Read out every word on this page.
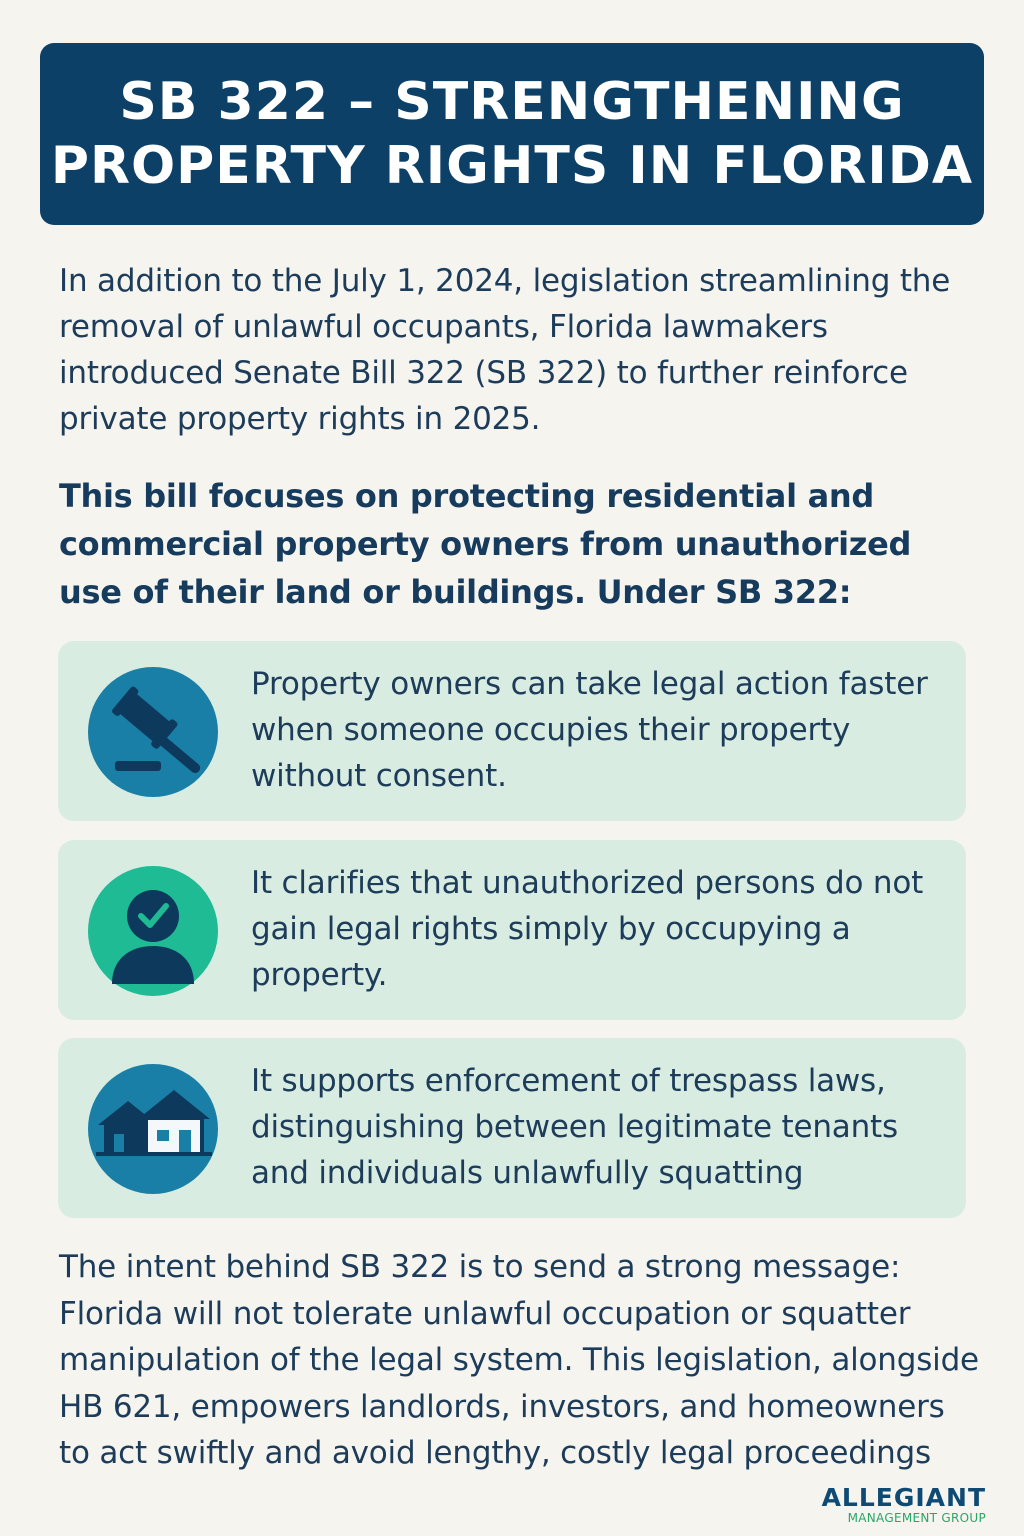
SB 322 – STRENGTHENING
PROPERTY RIGHTS IN FLORIDA

In addition to the July 1, 2024, legislation streamlining the removal of unlawful occupants, Florida lawmakers introduced Senate Bill 322 (SB 322) to further reinforce private property rights in 2025.

This bill focuses on protecting residential and commercial property owners from unauthorized use of their land or buildings. Under SB 322:

Property owners can take legal action faster when someone occupies their property without consent.

It clarifies that unauthorized persons do not gain legal rights simply by occupying a property.

It supports enforcement of trespass laws, distinguishing between legitimate tenants and individuals unlawfully squatting

The intent behind SB 322 is to send a strong message: Florida will not tolerate unlawful occupation or squatter manipulation of the legal system. This legislation, alongside HB 621, empowers landlords, investors, and homeowners to act swiftly and avoid lengthy, costly legal proceedings

ALLEGIANT
MANAGEMENT GROUP
